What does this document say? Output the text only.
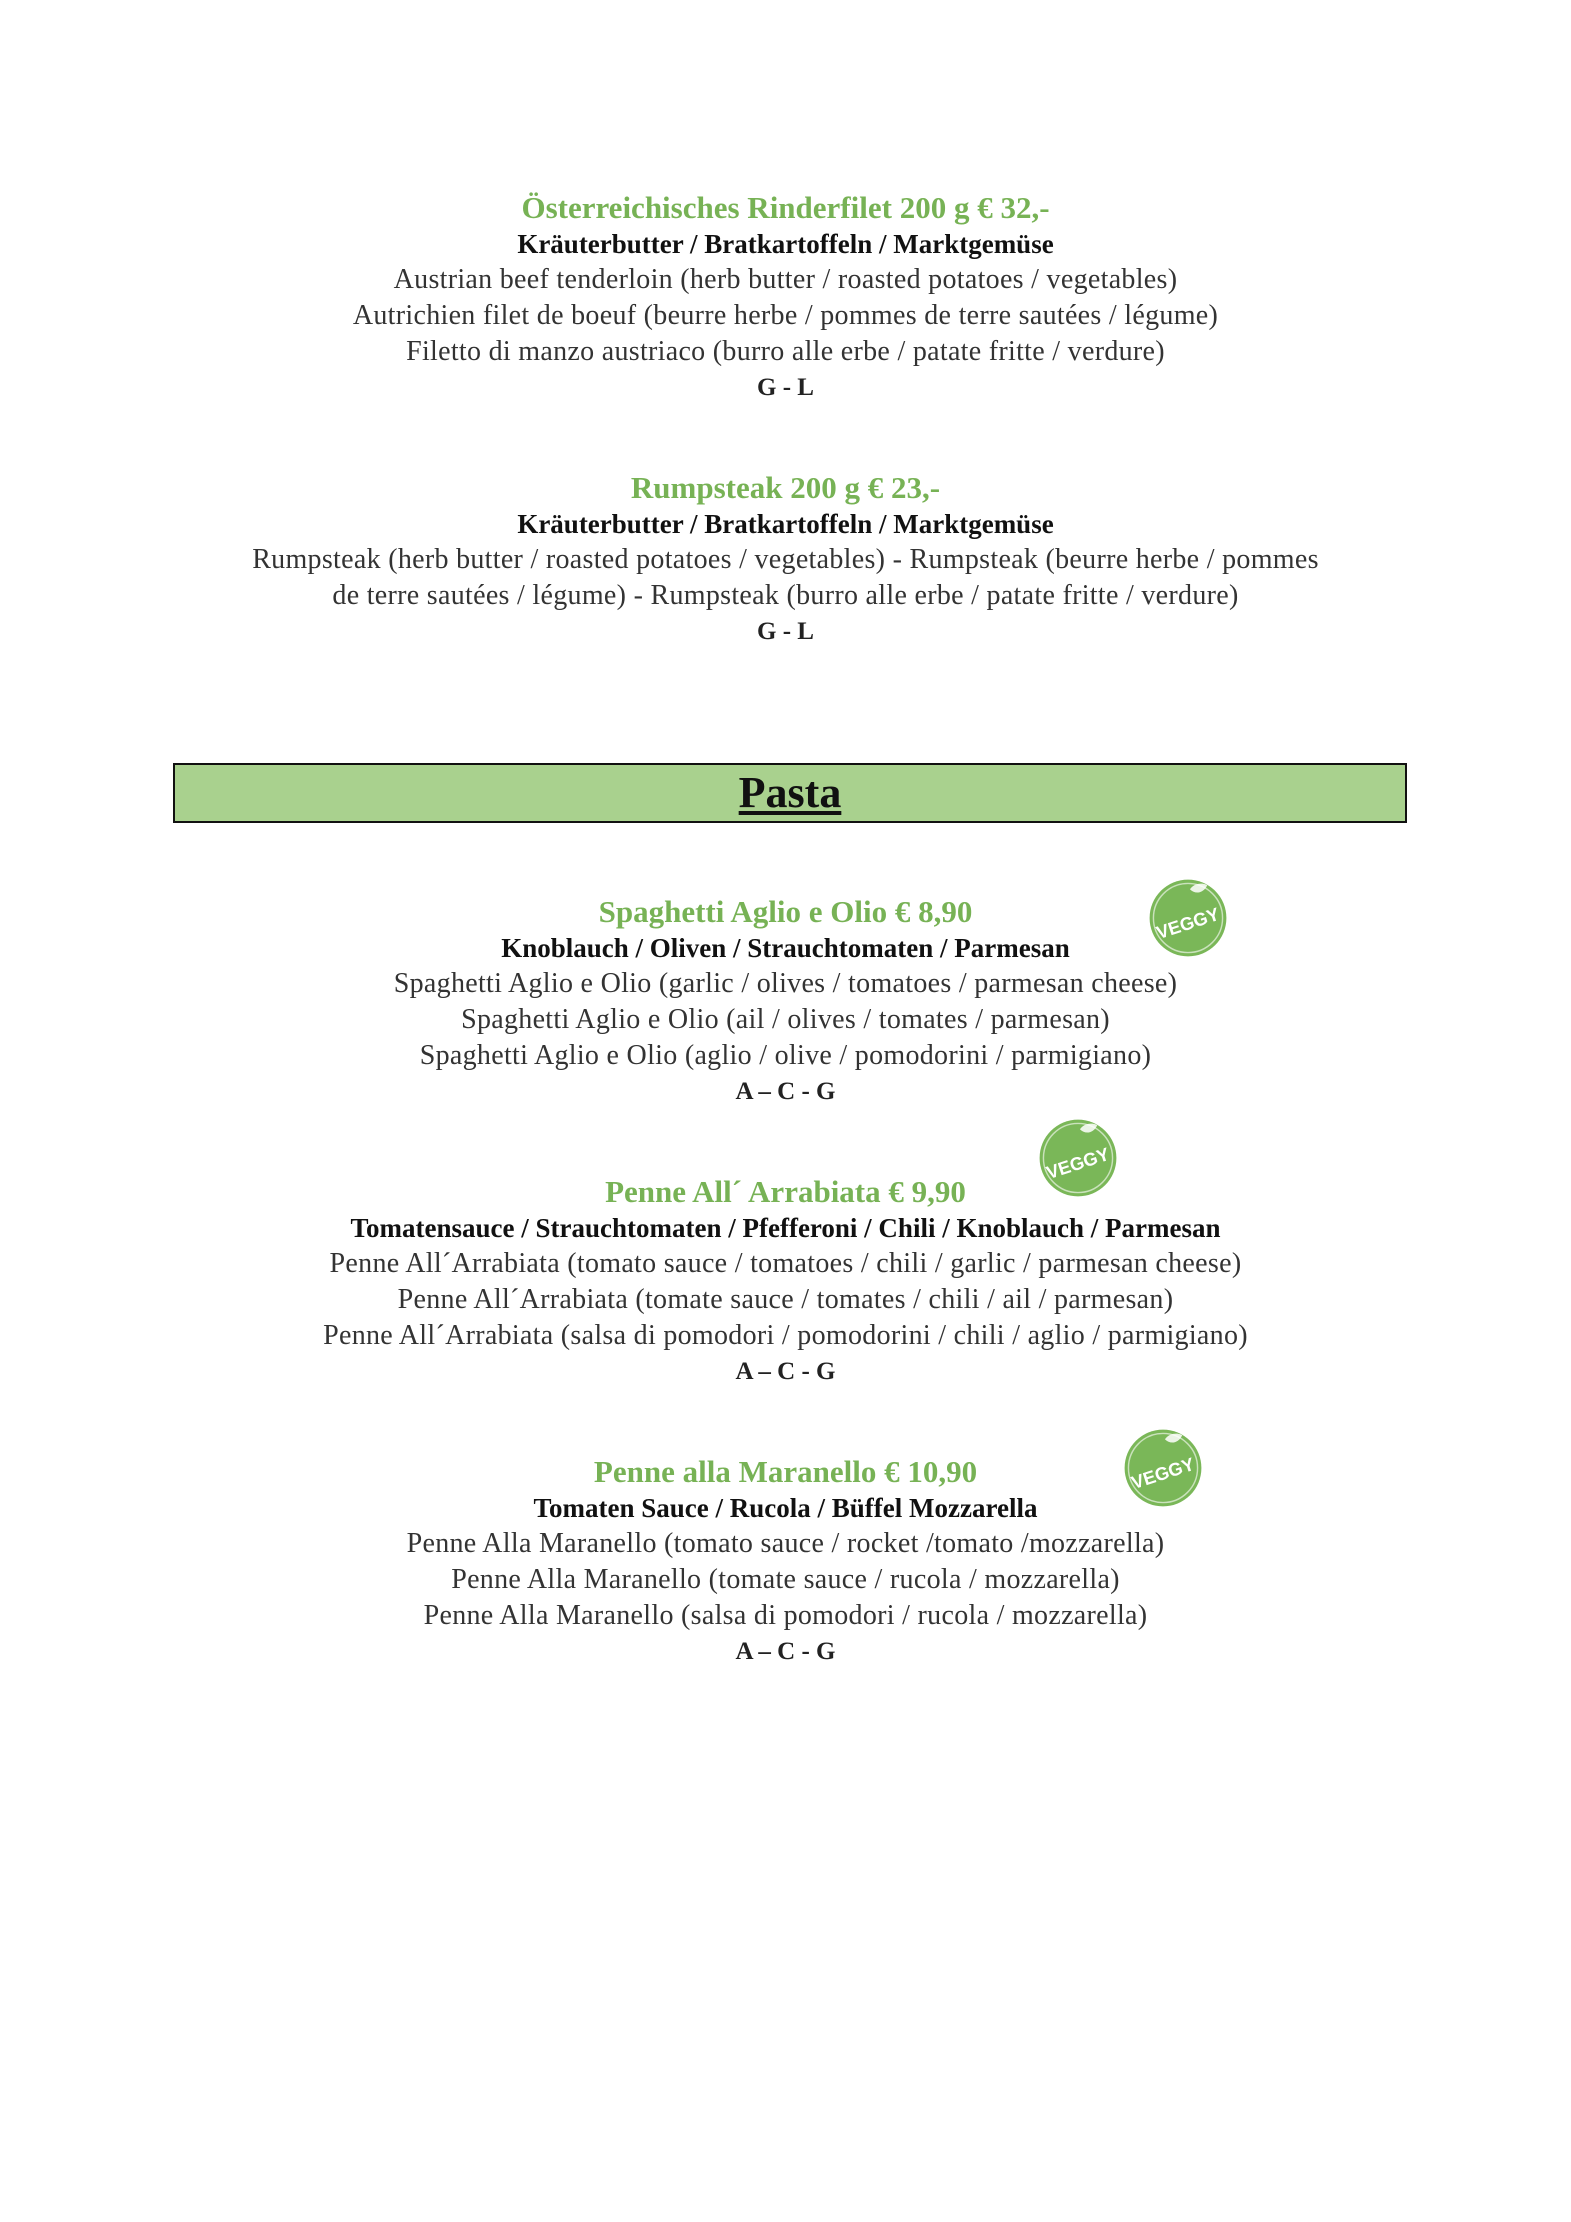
Österreichisches Rinderfilet 200 g € 32,-
Kräuterbutter / Bratkartoffeln / Marktgemüse
Austrian beef tenderloin (herb butter / roasted potatoes / vegetables)
Autrichien filet de boeuf (beurre herbe / pommes de terre sautées / légume)
Filetto di manzo austriaco (burro alle erbe / patate fritte / verdure)
G - L
Rumpsteak 200 g € 23,-
Kräuterbutter / Bratkartoffeln / Marktgemüse
Rumpsteak (herb butter / roasted potatoes / vegetables) - Rumpsteak (beurre herbe / pommes
de terre sautées / légume) - Rumpsteak (burro alle erbe / patate fritte / verdure)
G - L
Pasta
Spaghetti Aglio e Olio € 8,90
Knoblauch / Oliven / Strauchtomaten / Parmesan
Spaghetti Aglio e Olio (garlic / olives / tomatoes / parmesan cheese)
Spaghetti Aglio e Olio (ail / olives / tomates / parmesan)
Spaghetti Aglio e Olio (aglio / olive / pomodorini / parmigiano)
A – C - G
Penne All´ Arrabiata € 9,90
Tomatensauce / Strauchtomaten / Pfefferoni / Chili / Knoblauch / Parmesan
Penne All´Arrabiata (tomato sauce / tomatoes / chili / garlic / parmesan cheese)
Penne All´Arrabiata (tomate sauce / tomates / chili / ail / parmesan)
Penne All´Arrabiata (salsa di pomodori / pomodorini / chili / aglio / parmigiano)
A – C - G
Penne alla Maranello € 10,90
Tomaten Sauce / Rucola / Büffel Mozzarella
Penne Alla Maranello (tomato sauce / rocket /tomato /mozzarella)
Penne Alla Maranello (tomate sauce / rucola / mozzarella)
Penne Alla Maranello (salsa di pomodori / rucola / mozzarella)
A – C - G
VEGGY
VEGGY
VEGGY
